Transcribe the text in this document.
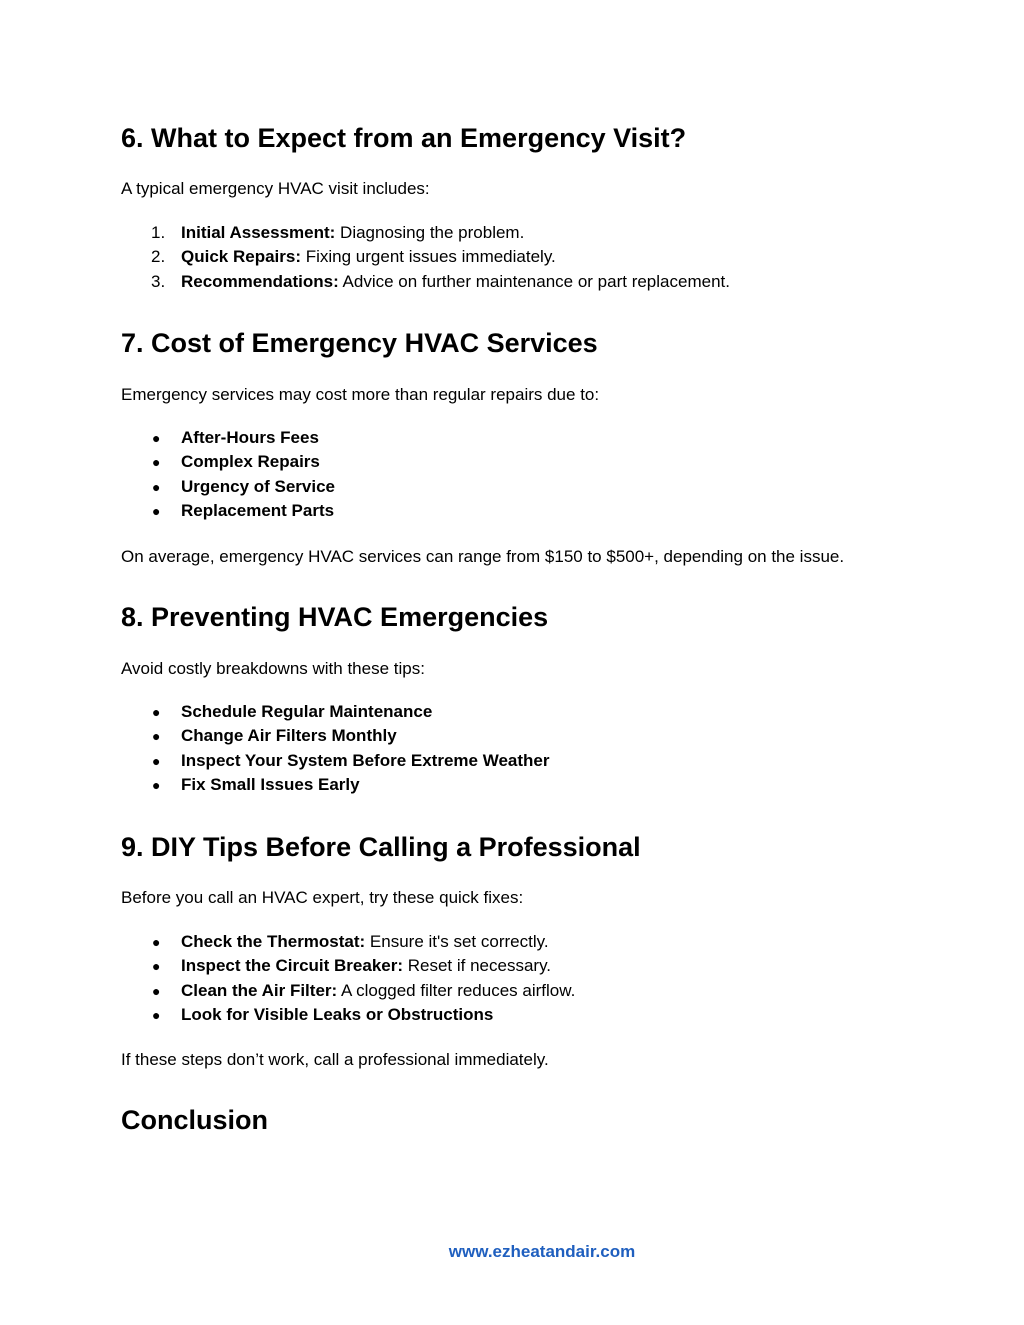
6. What to Expect from an Emergency Visit?

A typical emergency HVAC visit includes:

1. Initial Assessment: Diagnosing the problem.
2. Quick Repairs: Fixing urgent issues immediately.
3. Recommendations: Advice on further maintenance or part replacement.
7. Cost of Emergency HVAC Services

Emergency services may cost more than regular repairs due to:

●	After-Hours Fees
●	Complex Repairs
●	Urgency of Service
●	Replacement Parts

On average, emergency HVAC services can range from $150 to $500+, depending on the issue.

8. Preventing HVAC Emergencies

Avoid costly breakdowns with these tips:

●	Schedule Regular Maintenance
●	Change Air Filters Monthly
●	Inspect Your System Before Extreme Weather
●	Fix Small Issues Early
9. DIY Tips Before Calling a Professional

Before you call an HVAC expert, try these quick fixes:

●	Check the Thermostat: Ensure it's set correctly.
●	Inspect the Circuit Breaker: Reset if necessary.
●	Clean the Air Filter: A clogged filter reduces airflow.
●	Look for Visible Leaks or Obstructions

If these steps don’t work, call a professional immediately.

Conclusion
www.ezheatandair.com
